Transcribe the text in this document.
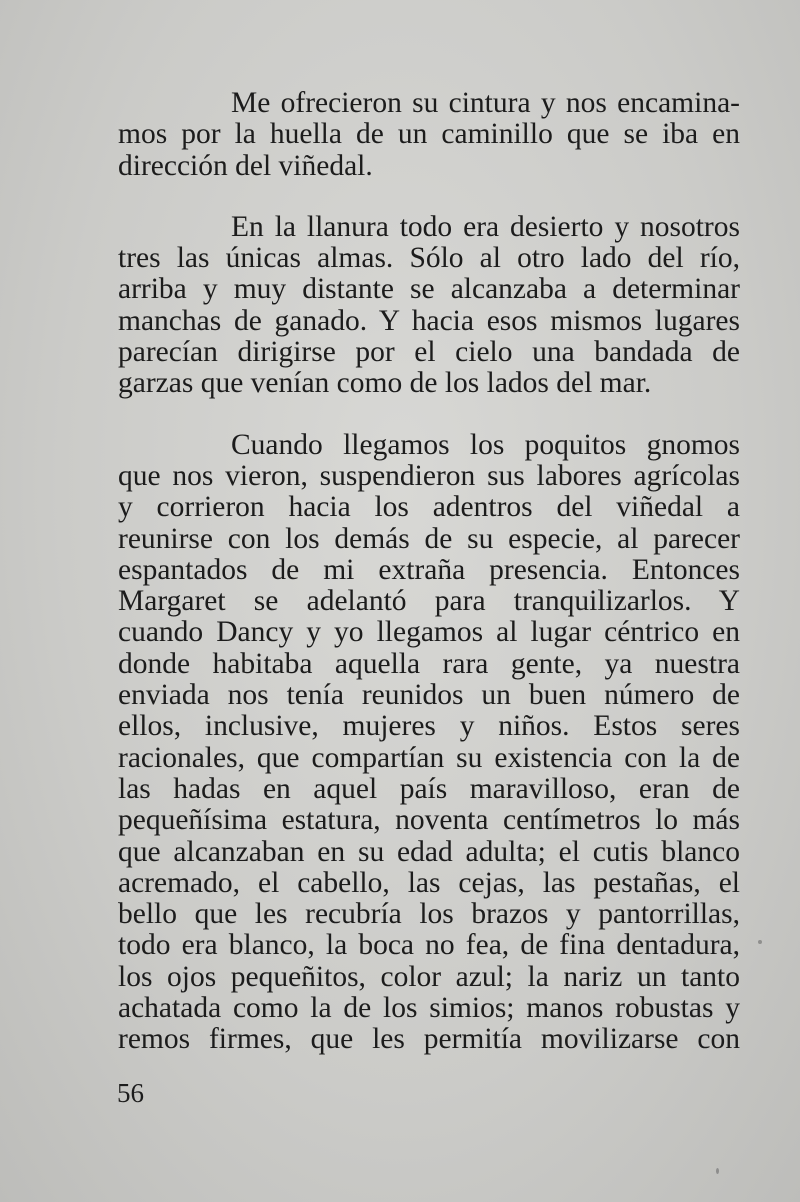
Me ofrecieron su cintura y nos encamina-
mos por la huella de un caminillo que se iba en
dirección del viñedal.
En la llanura todo era desierto y nosotros
tres las únicas almas. Sólo al otro lado del río,
arriba y muy distante se alcanzaba a determinar
manchas de ganado. Y hacia esos mismos lugares
parecían dirigirse por el cielo una bandada de
garzas que venían como de los lados del mar.
Cuando llegamos los poquitos gnomos
que nos vieron, suspendieron sus labores agrícolas
y corrieron hacia los adentros del viñedal a
reunirse con los demás de su especie, al parecer
espantados de mi extraña presencia. Entonces
Margaret se adelantó para tranquilizarlos. Y
cuando Dancy y yo llegamos al lugar céntrico en
donde habitaba aquella rara gente, ya nuestra
enviada nos tenía reunidos un buen número de
ellos, inclusive, mujeres y niños. Estos seres
racionales, que compartían su existencia con la de
las hadas en aquel país maravilloso, eran de
pequeñísima estatura, noventa centímetros lo más
que alcanzaban en su edad adulta; el cutis blanco
acremado, el cabello, las cejas, las pestañas, el
bello que les recubría los brazos y pantorrillas,
todo era blanco, la boca no fea, de fina dentadura,
los ojos pequeñitos, color azul; la nariz un tanto
achatada como la de los simios; manos robustas y
remos firmes, que les permitía movilizarse con
56
